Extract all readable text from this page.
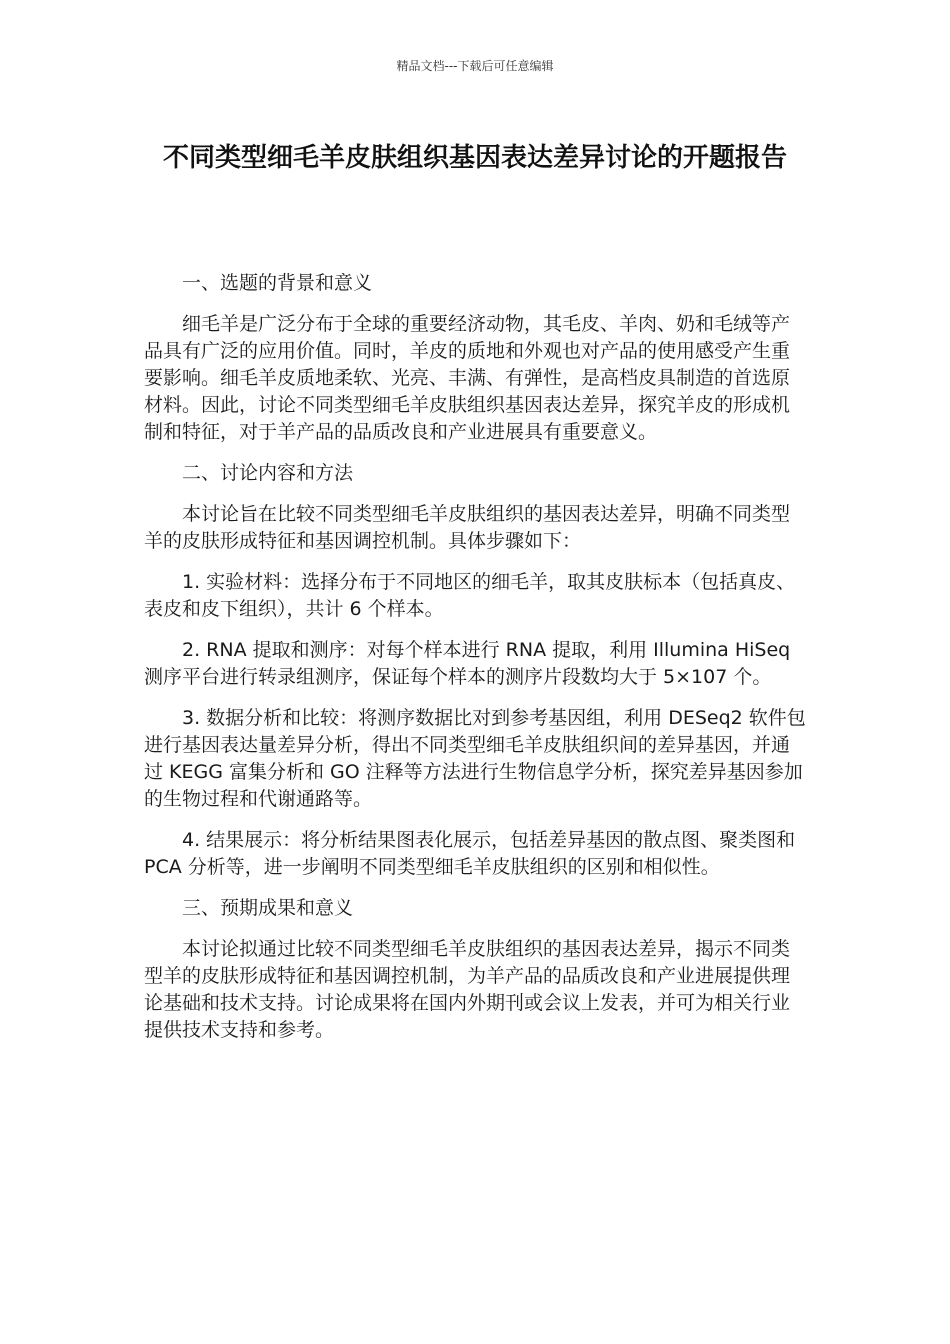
精品文档---下载后可任意编辑
不同类型细毛羊皮肤组织基因表达差异讨论的开题报告

一、选题的背景和意义

细毛羊是广泛分布于全球的重要经济动物，其毛皮、羊肉、奶和毛绒等产品具有广泛的应用价值。同时，羊皮的质地和外观也对产品的使用感受产生重要影响。细毛羊皮质地柔软、光亮、丰满、有弹性，是高档皮具制造的首选原材料。因此，讨论不同类型细毛羊皮肤组织基因表达差异，探究羊皮的形成机制和特征，对于羊产品的品质改良和产业进展具有重要意义。

二、讨论内容和方法

本讨论旨在比较不同类型细毛羊皮肤组织的基因表达差异，明确不同类型羊的皮肤形成特征和基因调控机制。具体步骤如下：

1. 实验材料：选择分布于不同地区的细毛羊，取其皮肤标本（包括真皮、表皮和皮下组织），共计 6 个样本。

2. RNA 提取和测序：对每个样本进行 RNA 提取，利用 Illumina HiSeq 测序平台进行转录组测序，保证每个样本的测序片段数均大于 5×107 个。

3. 数据分析和比较：将测序数据比对到参考基因组，利用 DESeq2 软件包进行基因表达量差异分析，得出不同类型细毛羊皮肤组织间的差异基因，并通过 KEGG 富集分析和 GO 注释等方法进行生物信息学分析，探究差异基因参加的生物过程和代谢通路等。

4. 结果展示：将分析结果图表化展示，包括差异基因的散点图、聚类图和 PCA 分析等，进一步阐明不同类型细毛羊皮肤组织的区别和相似性。

三、预期成果和意义

本讨论拟通过比较不同类型细毛羊皮肤组织的基因表达差异，揭示不同类型羊的皮肤形成特征和基因调控机制，为羊产品的品质改良和产业进展提供理论基础和技术支持。讨论成果将在国内外期刊或会议上发表，并可为相关行业提供技术支持和参考。
